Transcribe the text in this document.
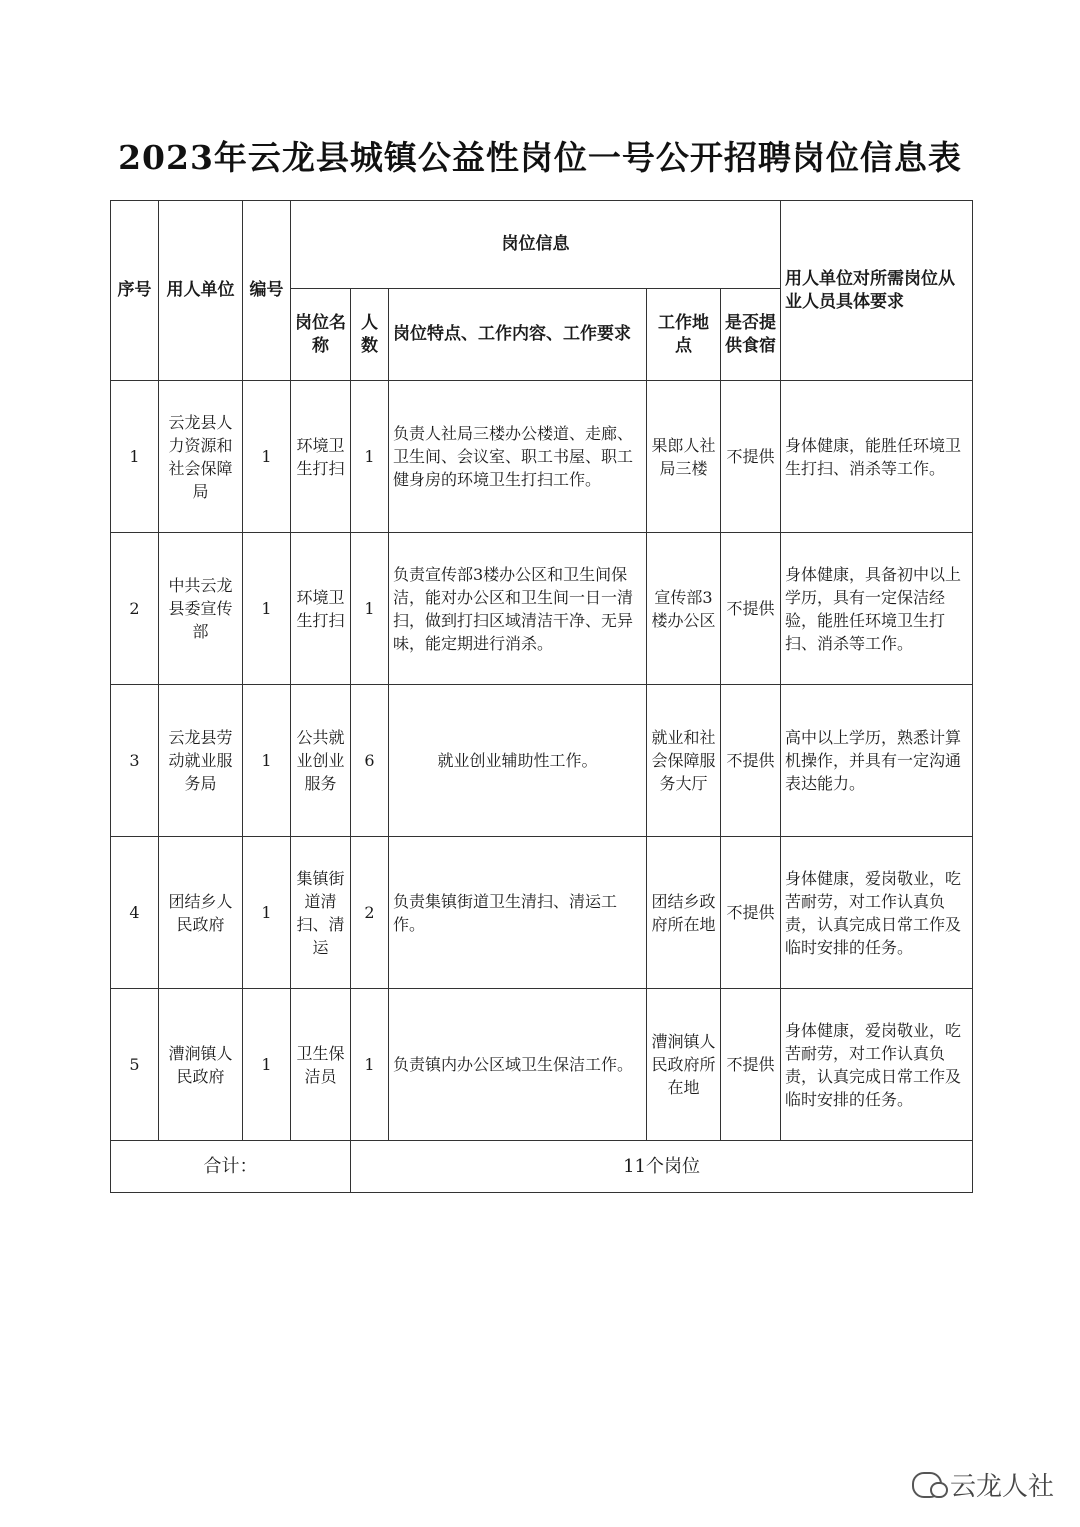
2023年云龙县城镇公益性岗位一号公开招聘岗位信息表
序号	用人单位	编号	岗位信息					用人单位对所需岗位从业人员具体要求
			岗位名称	人数	岗位特点、工作内容、工作要求	工作地点	是否提供食宿	
1	云龙县人力资源和社会保障局	1	环境卫生打扫	1	负责人社局三楼办公楼道、走廊、卫生间、会议室、职工书屋、职工健身房的环境卫生打扫工作。	果郎人社局三楼	不提供	身体健康，能胜任环境卫生打扫、消杀等工作。
2	中共云龙县委宣传部	1	环境卫生打扫	1	负责宣传部3楼办公区和卫生间保洁，能对办公区和卫生间一日一清扫，做到打扫区域清洁干净、无异味，能定期进行消杀。	宣传部3楼办公区	不提供	身体健康，具备初中以上学历，具有一定保洁经验，能胜任环境卫生打扫、消杀等工作。
3	云龙县劳动就业服务局	1	公共就业创业服务	6	就业创业辅助性工作。	就业和社会保障服务大厅	不提供	高中以上学历，熟悉计算机操作，并具有一定沟通表达能力。
4	团结乡人民政府	1	集镇街道清扫、清运	2	负责集镇街道卫生清扫、清运工作。	团结乡政府所在地	不提供	身体健康，爱岗敬业，吃苦耐劳，对工作认真负责，认真完成日常工作及临时安排的任务。
5	漕涧镇人民政府	1	卫生保洁员	1	负责镇内办公区域卫生保洁工作。	漕涧镇人民政府所在地	不提供	身体健康，爱岗敬业，吃苦耐劳，对工作认真负责，认真完成日常工作及临时安排的任务。
合计：				11个岗位				
云龙人社
